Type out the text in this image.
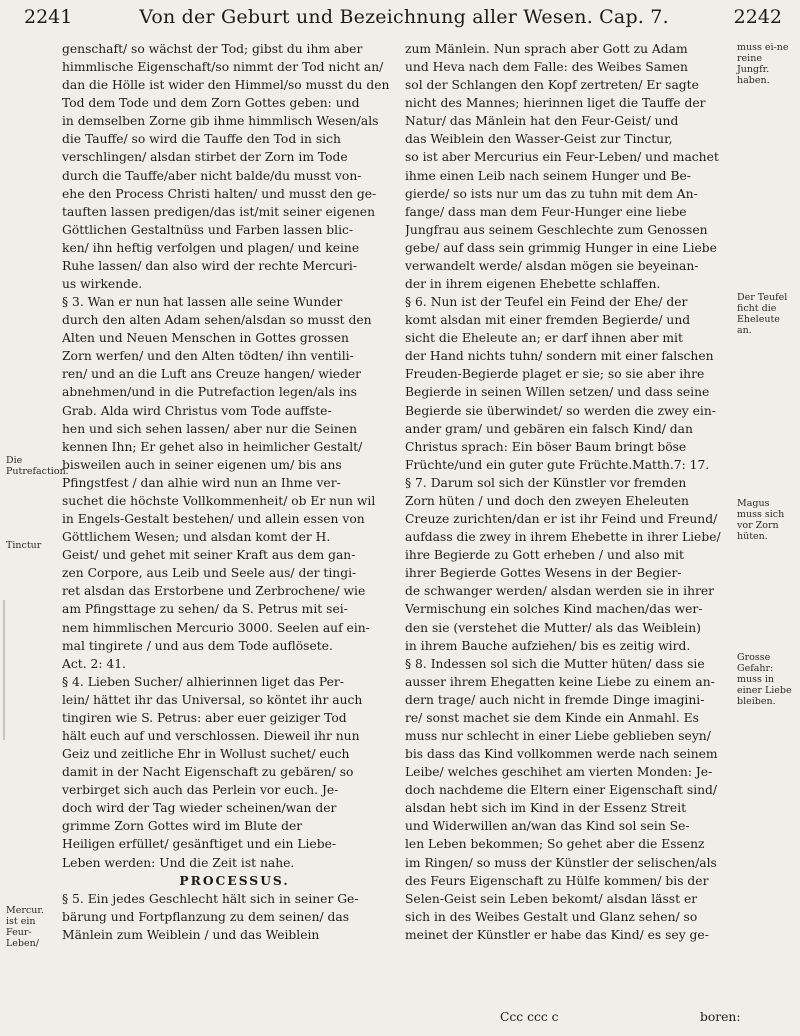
2241	Von der Geburt und Bezeichnung aller Wesen. Cap. 7.	2242
genschaft/ so wächst der Tod; gibst du ihm aber
himmlische Eigenschaft/so nimmt der Tod nicht an/
dan die Hölle ist wider den Himmel/so musst du den
Tod dem Tode und dem Zorn Gottes geben: und
in demselben Zorne gib ihme himmlisch Wesen/als
die Tauffe/ so wird die Tauffe den Tod in sich
verschlingen/ alsdan stirbet der Zorn im Tode
durch die Tauffe/aber nicht balde/du musst von-
ehe den Process Christi halten/ und musst den ge-
tauften lassen predigen/das ist/mit seiner eigenen
Göttlichen Gestaltnüss und Farben lassen blic-
ken/ ihn heftig verfolgen und plagen/ und keine
Ruhe lassen/ dan also wird der rechte Mercuri-
us wirkende.
§ 3. Wan er nun hat lassen alle seine Wunder
durch den alten Adam sehen/alsdan so musst den
Alten und Neuen Menschen in Gottes grossen
Zorn werfen/ und den Alten tödten/ ihn ventili-
ren/ und an die Luft ans Creuze hangen/ wieder
abnehmen/und in die Putrefaction legen/als ins
Grab. Alda wird Christus vom Tode auffste-
hen und sich sehen lassen/ aber nur die Seinen
kennen Ihn; Er gehet also in heimlicher Gestalt/
bisweilen auch in seiner eigenen um/ bis ans
Pfingstfest / dan alhie wird nun an Ihme ver-
suchet die höchste Vollkommenheit/ ob Er nun wil
in Engels-Gestalt bestehen/ und allein essen von
Göttlichem Wesen; und alsdan komt der H.
Geist/ und gehet mit seiner Kraft aus dem gan-
zen Corpore, aus Leib und Seele aus/ der tingi-
ret alsdan das Erstorbene und Zerbrochene/ wie
am Pfingsttage zu sehen/ da S. Petrus mit sei-
nem himmlischen Mercurio 3000. Seelen auf ein-
mal tingirete / und aus dem Tode auflösete.
Act. 2: 41.
§ 4. Lieben Sucher/ alhierinnen liget das Per-
lein/ hättet ihr das Universal, so köntet ihr auch
tingiren wie S. Petrus: aber euer geiziger Tod
hält euch auf und verschlossen. Dieweil ihr nun
Geiz und zeitliche Ehr in Wollust suchet/ euch
damit in der Nacht Eigenschaft zu gebären/ so
verbirget sich auch das Perlein vor euch. Je-
doch wird der Tag wieder scheinen/wan der
grimme Zorn Gottes wird im Blute der
Heiligen erfüllet/ gesänftiget und ein Liebe-
Leben werden: Und die Zeit ist nahe.
PROCESSUS.
§ 5. Ein jedes Geschlecht hält sich in seiner Ge-
bärung und Fortpflanzung zu dem seinen/ das
Mänlein zum Weiblein / und das Weiblein
zum Mänlein. Nun sprach aber Gott zu Adam
und Heva nach dem Falle: des Weibes Samen
sol der Schlangen den Kopf zertreten/ Er sagte
nicht des Mannes; hierinnen liget die Tauffe der
Natur/ das Mänlein hat den Feur-Geist/ und
das Weiblein den Wasser-Geist zur Tinctur,
so ist aber Mercurius ein Feur-Leben/ und machet
ihme einen Leib nach seinem Hunger und Be-
gierde/ so ists nur um das zu tuhn mit dem An-
fange/ dass man dem Feur-Hunger eine liebe
Jungfrau aus seinem Geschlechte zum Genossen
gebe/ auf dass sein grimmig Hunger in eine Liebe
verwandelt werde/ alsdan mögen sie beyeinan-
der in ihrem eigenen Ehebette schlaffen.
§ 6. Nun ist der Teufel ein Feind der Ehe/ der
komt alsdan mit einer fremden Begierde/ und
sicht die Eheleute an; er darf ihnen aber mit
der Hand nichts tuhn/ sondern mit einer falschen
Freuden-Begierde plaget er sie; so sie aber ihre
Begierde in seinen Willen setzen/ und dass seine
Begierde sie überwindet/ so werden die zwey ein-
ander gram/ und gebären ein falsch Kind/ dan
Christus sprach: Ein böser Baum bringt böse
Früchte/und ein guter gute Früchte.Matth.7: 17.
§ 7. Darum sol sich der Künstler vor fremden
Zorn hüten / und doch den zweyen Eheleuten
Creuze zurichten/dan er ist ihr Feind und Freund/
aufdass die zwey in ihrem Ehebette in ihrer Liebe/
ihre Begierde zu Gott erheben / und also mit
ihrer Begierde Gottes Wesens in der Begier-
de schwanger werden/ alsdan werden sie in ihrer
Vermischung ein solches Kind machen/das wer-
den sie (verstehet die Mutter/ als das Weiblein)
in ihrem Bauche aufziehen/ bis es zeitig wird.
§ 8. Indessen sol sich die Mutter hüten/ dass sie
ausser ihrem Ehegatten keine Liebe zu einem an-
dern trage/ auch nicht in fremde Dinge imagini-
re/ sonst machet sie dem Kinde ein Anmahl. Es
muss nur schlecht in einer Liebe geblieben seyn/
bis dass das Kind vollkommen werde nach seinem
Leibe/ welches geschihet am vierten Monden: Je-
doch nachdeme die Eltern einer Eigenschaft sind/
alsdan hebt sich im Kind in der Essenz Streit
und Widerwillen an/wan das Kind sol sein Se-
len Leben bekommen; So gehet aber die Essenz
im Ringen/ so muss der Künstler der selischen/als
des Feurs Eigenschaft zu Hülfe kommen/ bis der
Selen-Geist sein Leben bekomt/ alsdan lässt er
sich in des Weibes Gestalt und Glanz sehen/ so
meinet der Künstler er habe das Kind/ es sey ge-
Die Putrefaction.
Tinctur
Mercur. ist ein Feur-Leben/
muss ei-ne reine Jungfr. haben.
Der Teufel ficht die Eheleute an.
Magus muss sich vor Zorn hüten.
Grosse Gefahr: muss in einer Liebe bleiben.
Ccc ccc c	boren:
